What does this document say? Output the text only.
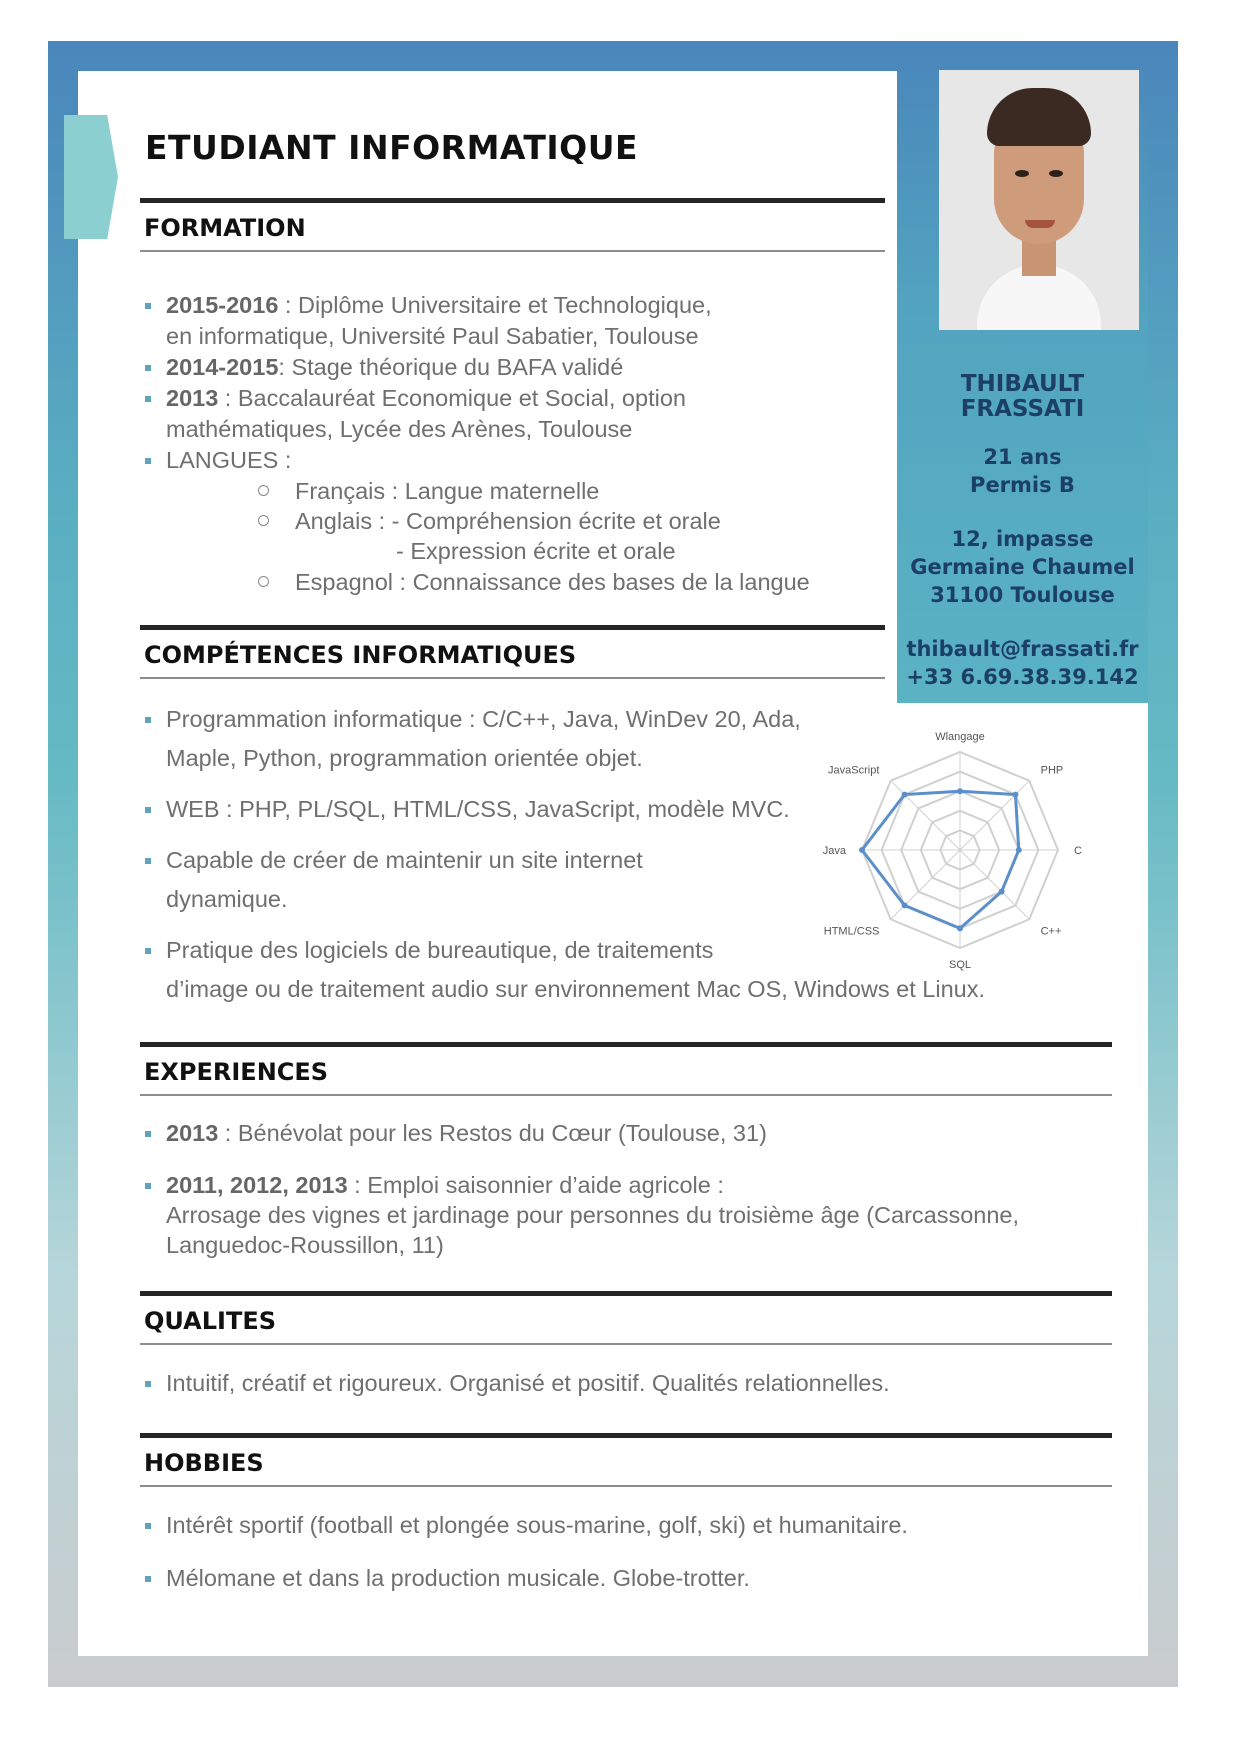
THIBAULT
FRASSATI
21 ans
Permis B
12, impasse
Germaine Chaumel
31100 Toulouse
thibault@frassati.fr
+33 6.69.38.39.142
ETUDIANT INFORMATIQUE
FORMATION
2015-2016 : Diplôme Universitaire et Technologique,
en informatique, Université Paul Sabatier, Toulouse
2014-2015: Stage théorique du BAFA validé
2013 : Baccalauréat Economique et Social, option
mathématiques, Lycée des Arènes, Toulouse
LANGUES :
Français : Langue maternelle
Anglais : - Compréhension écrite et orale
- Expression écrite et orale
Espagnol : Connaissance des bases de la langue
COMPÉTENCES INFORMATIQUES
Programmation informatique : C/C++, Java, WinDev 20, Ada,
Maple, Python, programmation orientée objet.
WEB : PHP, PL/SQL, HTML/CSS, JavaScript, modèle MVC.
Capable de créer de maintenir un site internet
dynamique.
Pratique des logiciels de bureautique, de traitements
d’image ou de traitement audio sur environnement Mac OS, Windows et Linux.
Wlangage
PHP
C
C++
SQL
HTML/CSS
Java
JavaScript
EXPERIENCES
2013 : Bénévolat pour les Restos du Cœur (Toulouse, 31)
2011, 2012, 2013 : Emploi saisonnier d’aide agricole :
Arrosage des vignes et jardinage pour personnes du troisième âge (Carcassonne,
Languedoc-Roussillon, 11)
QUALITES
Intuitif, créatif et rigoureux. Organisé et positif. Qualités relationnelles.
HOBBIES
Intérêt sportif (football et plongée sous-marine, golf, ski) et humanitaire.
Mélomane et dans la production musicale. Globe-trotter.
